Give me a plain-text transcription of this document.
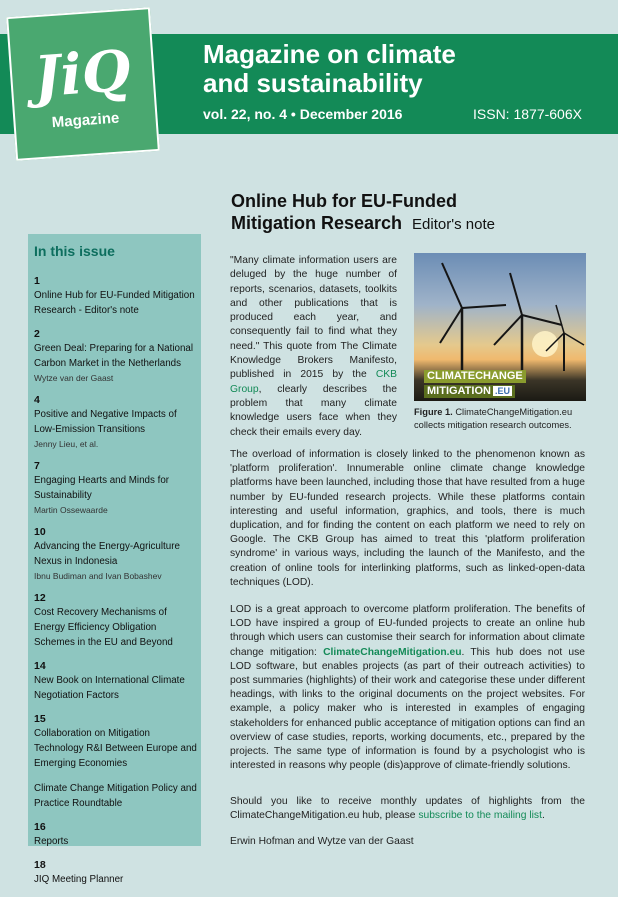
Magazine on climate
and sustainability
vol. 22, no. 4 • December 2016	ISSN: 1877-606X
JiQ
Magazine
In this issue
1
Online Hub for EU-Funded Mitigation Research - Editor's note
2
Green Deal: Preparing for a National Carbon Market in the Netherlands
Wytze van der Gaast
4
Positive and Negative Impacts of Low-Emission Transitions
Jenny Lieu, et al.
7
Engaging Hearts and Minds for Sustainability
Martin Ossewaarde
10
Advancing the Energy-Agriculture Nexus in Indonesia
Ibnu Budiman and Ivan Bobashev
12
Cost Recovery Mechanisms of Energy Efficiency Obligation Schemes in the EU and Beyond
14
New Book on International Climate Negotiation Factors
15
Collaboration on Mitigation Technology R&I Between Europe and Emerging Economies
Climate Change Mitigation Policy and Practice Roundtable
16
Reports
18
JIQ Meeting Planner
Online Hub for EU-Funded
Mitigation Research Editor's note

"Many climate information users are deluged by the huge number of reports, scenarios, datasets, toolkits and other publications that is produced each year, and consequently fail to find what they need." This quote from The Climate Knowledge Brokers Manifesto, published in 2015 by the CKB Group, clearly describes the problem that many climate knowledge users face when they check their emails every day.

CLIMATECHANGE
MITIGATION .EU
Figure 1. ClimateChangeMitigation.eu collects mitigation research outcomes.

The overload of information is closely linked to the phenomenon known as 'platform proliferation'. Innumerable online climate change knowledge platforms have been launched, including those that have resulted from a huge number by EU-funded research projects. While these platforms contain interesting and useful information, graphics, and tools, there is much duplication, and for finding the content on each platform we need to rely on Google. The CKB Group has aimed to treat this 'platform proliferation syndrome' in various ways, including the launch of the Manifesto, and the creation of online tools for interlinking platforms, such as linked-open-data techniques (LOD).

LOD is a great approach to overcome platform proliferation. The benefits of LOD have inspired a group of EU-funded projects to create an online hub through which users can customise their search for information about climate change mitigation: ClimateChangeMitigation.eu. This hub does not use LOD software, but enables projects (as part of their outreach activities) to post summaries (highlights) of their work and categorise these under different headings, with links to the original documents on the project websites. For example, a policy maker who is interested in examples of engaging stakeholders for enhanced public acceptance of mitigation options can find an overview of case studies, reports, working documents, etc., prepared by the projects. The same type of information is found by a psychologist who is interested in reasons why people (dis)approve of climate-friendly solutions.

Should you like to receive monthly updates of highlights from the ClimateChangeMitigation.eu hub, please subscribe to the mailing list.

Erwin Hofman and Wytze van der Gaast
